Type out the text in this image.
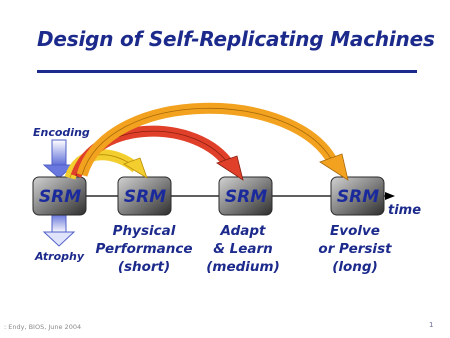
Design of Self-Replicating Machines
SRM	SRM	SRM	SRM
Encoding
Atrophy
time
Physical
Performance
(short)
Adapt
& Learn
(medium)
Evolve
or Persist
(long)
: Endy, BIOS, June 2004	1
